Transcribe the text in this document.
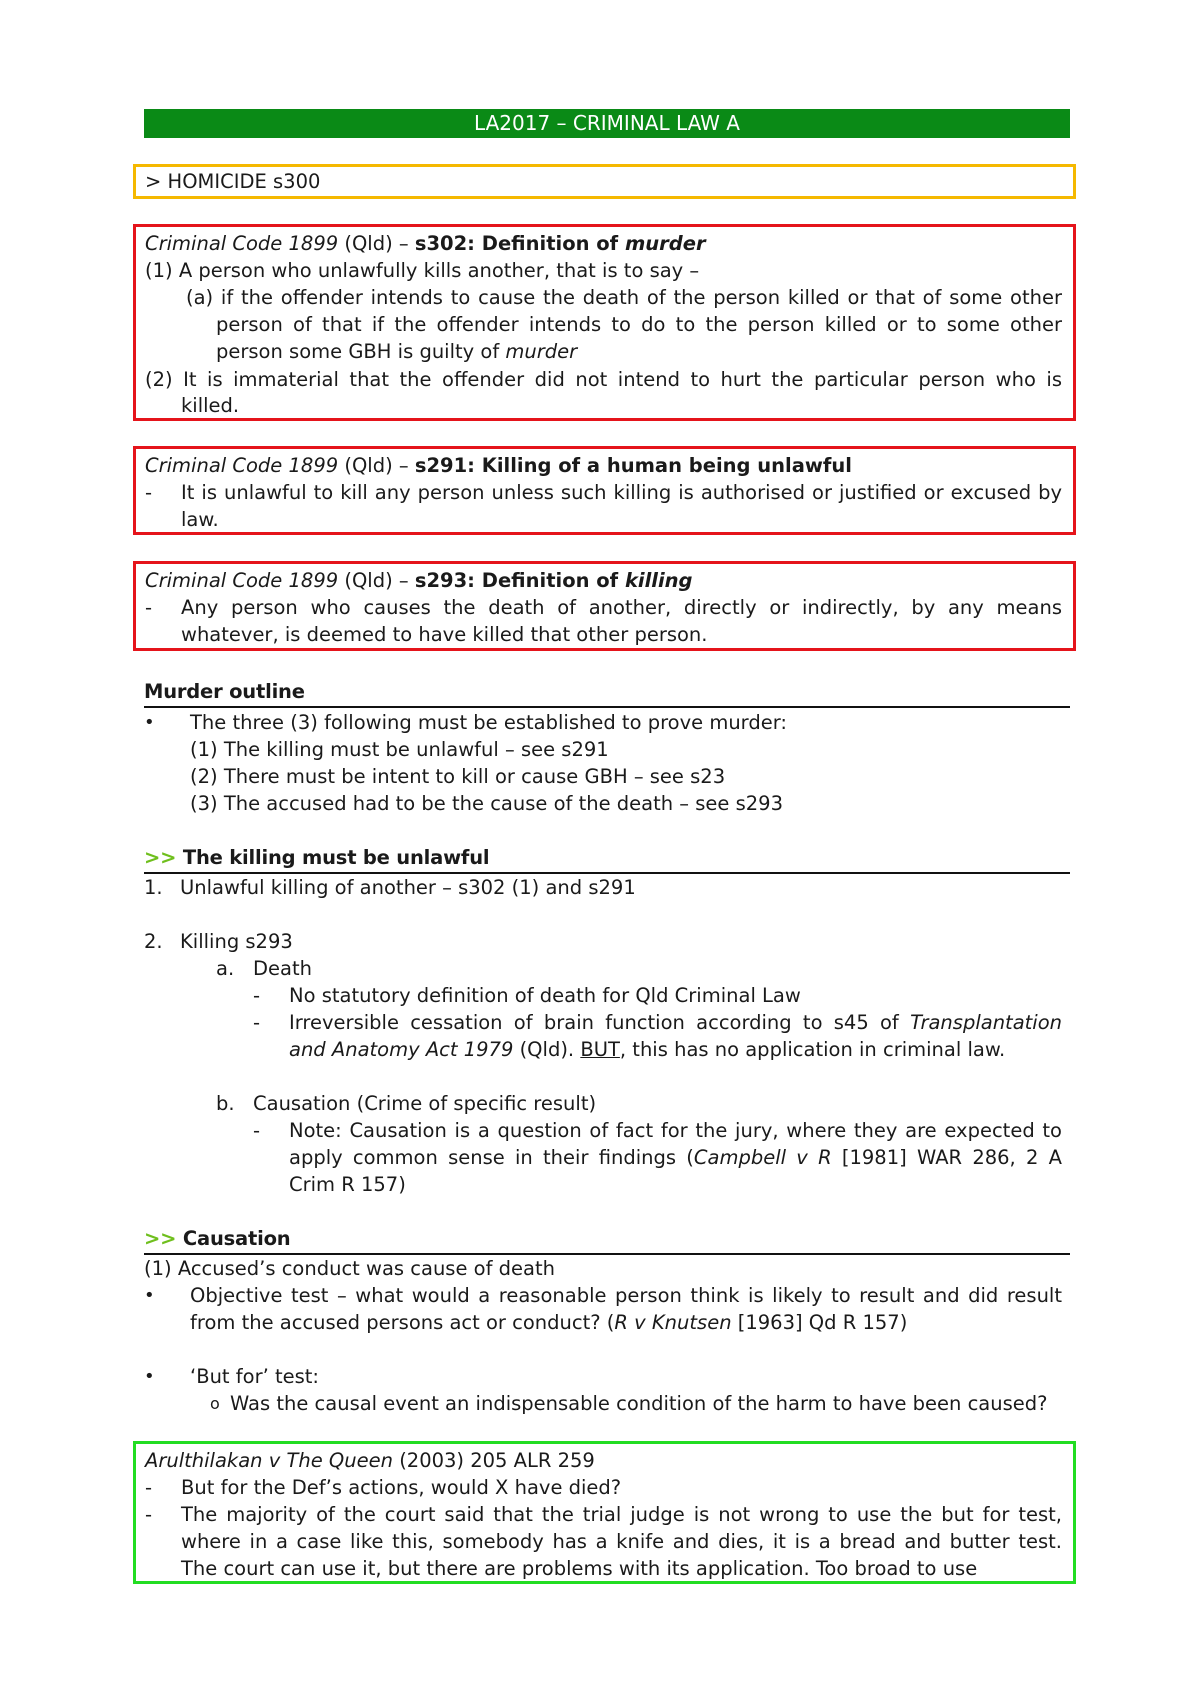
LA2017 – CRIMINAL LAW A
> HOMICIDE s300
Criminal Code 1899 (Qld) – s302: Definition of murder
(1) A person who unlawfully kills another, that is to say –
(a) if the offender intends to cause the death of the person killed or that of some other
person of that if the offender intends to do to the person killed or to some other
person some GBH is guilty of murder
(2) It is immaterial that the offender did not intend to hurt the particular person who is
killed.
Criminal Code 1899 (Qld) – s291: Killing of a human being unlawful
- It is unlawful to kill any person unless such killing is authorised or justified or excused by
law.
Criminal Code 1899 (Qld) – s293: Definition of killing
- Any person who causes the death of another, directly or indirectly, by any means
whatever, is deemed to have killed that other person.
Murder outline
• The three (3) following must be established to prove murder:
(1) The killing must be unlawful – see s291
(2) There must be intent to kill or cause GBH – see s23
(3) The accused had to be the cause of the death – see s293
>> The killing must be unlawful
1. Unlawful killing of another – s302 (1) and s291
2. Killing s293
a. Death
- No statutory definition of death for Qld Criminal Law
- Irreversible cessation of brain function according to s45 of Transplantation
and Anatomy Act 1979 (Qld). BUT, this has no application in criminal law.
b. Causation (Crime of specific result)
- Note: Causation is a question of fact for the jury, where they are expected to
apply common sense in their findings (Campbell v R [1981] WAR 286, 2 A
Crim R 157)
>> Causation
(1) Accused’s conduct was cause of death
• Objective test – what would a reasonable person think is likely to result and did result
from the accused persons act or conduct? (R v Knutsen [1963] Qd R 157)
• ‘But for’ test:
o Was the causal event an indispensable condition of the harm to have been caused?
Arulthilakan v The Queen (2003) 205 ALR 259
- But for the Def’s actions, would X have died?
- The majority of the court said that the trial judge is not wrong to use the but for test,
where in a case like this, somebody has a knife and dies, it is a bread and butter test.
The court can use it, but there are problems with its application. Too broad to use
